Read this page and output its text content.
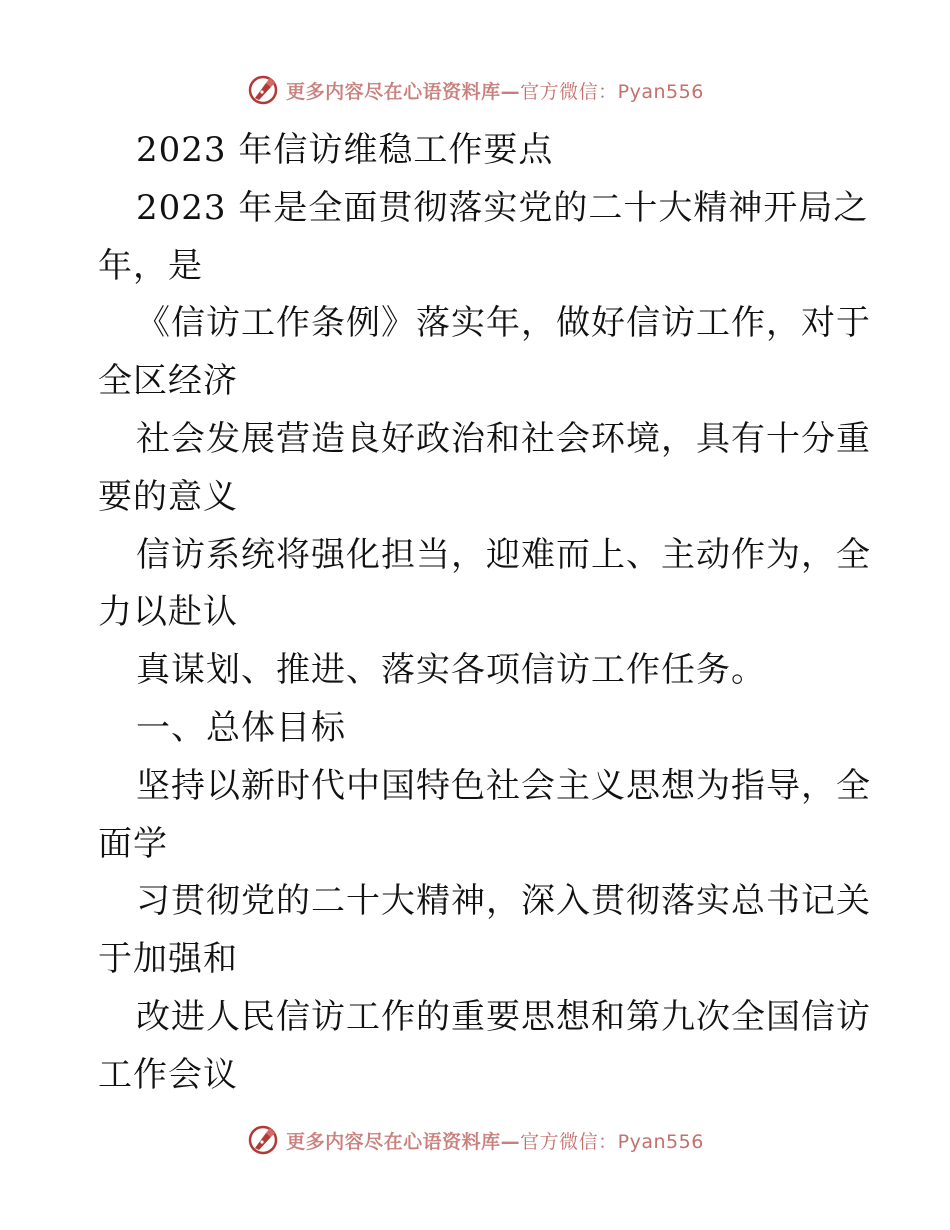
更多内容尽在心语资料库—官方微信：Pyan556
2023 年信访维稳工作要点
2023 年是全面贯彻落实党的二十大精神开局之
年，是
《信访工作条例》落实年，做好信访工作，对于
全区经济
社会发展营造良好政治和社会环境，具有十分重
要的意义
信访系统将强化担当，迎难而上、主动作为，全
力以赴认
真谋划、推进、落实各项信访工作任务。
一、总体目标
坚持以新时代中国特色社会主义思想为指导，全
面学
习贯彻党的二十大精神，深入贯彻落实总书记关
于加强和
改进人民信访工作的重要思想和第九次全国信访
工作会议
更多内容尽在心语资料库—官方微信：Pyan556
